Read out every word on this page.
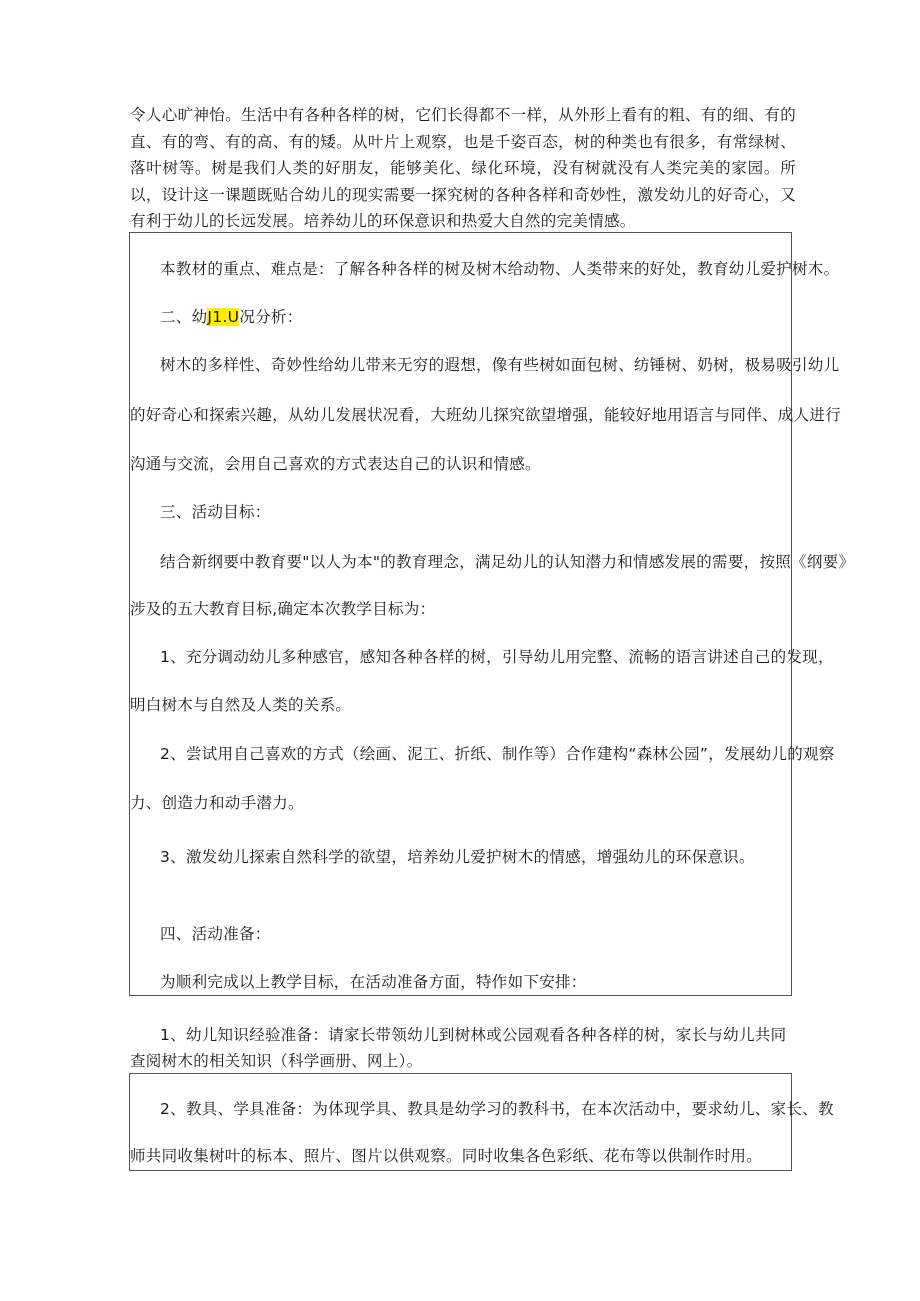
令人心旷神怡。生活中有各种各样的树，它们长得都不一样，从外形上看有的粗、有的细、有的直、有的弯、有的高、有的矮。从叶片上观察，也是千姿百态，树的种类也有很多，有常绿树、落叶树等。树是我们人类的好朋友，能够美化、绿化环境，没有树就没有人类完美的家园。所以，设计这一课题既贴合幼儿的现实需要一探究树的各种各样和奇妙性，激发幼儿的好奇心，又有利于幼儿的长远发展。培养幼儿的环保意识和热爱大自然的完美情感。

本教材的重点、难点是：了解各种各样的树及树木给动物、人类带来的好处，教育幼儿爱护树木。

二、幼J1.U况分析：

树木的多样性、奇妙性给幼儿带来无穷的遐想，像有些树如面包树、纺锤树、奶树，极易吸引幼儿

的好奇心和探索兴趣，从幼儿发展状况看，大班幼儿探究欲望增强，能较好地用语言与同伴、成人进行

沟通与交流，会用自己喜欢的方式表达自己的认识和情感。

三、活动目标：

结合新纲要中教育要"以人为本"的教育理念，满足幼儿的认知潜力和情感发展的需要，按照《纲要》

涉及的五大教育目标,确定本次教学目标为：

1、充分调动幼儿多种感官，感知各种各样的树，引导幼儿用完整、流畅的语言讲述自己的发现，

明白树木与自然及人类的关系。

2、尝试用自己喜欢的方式（绘画、泥工、折纸、制作等）合作建构“森林公园”，发展幼儿的观察

力、创造力和动手潜力。

3、激发幼儿探索自然科学的欲望，培养幼儿爱护树木的情感，增强幼儿的环保意识。

四、活动准备：

为顺利完成以上教学目标，在活动准备方面，特作如下安排：

1、幼儿知识经验准备：请家长带领幼儿到树林或公园观看各种各样的树，家长与幼儿共同查阅树木的相关知识（科学画册、网上）。

2、教具、学具准备：为体现学具、教具是幼学习的教科书，在本次活动中，要求幼儿、家长、教

师共同收集树叶的标本、照片、图片以供观察。同时收集各色彩纸、花布等以供制作时用。
